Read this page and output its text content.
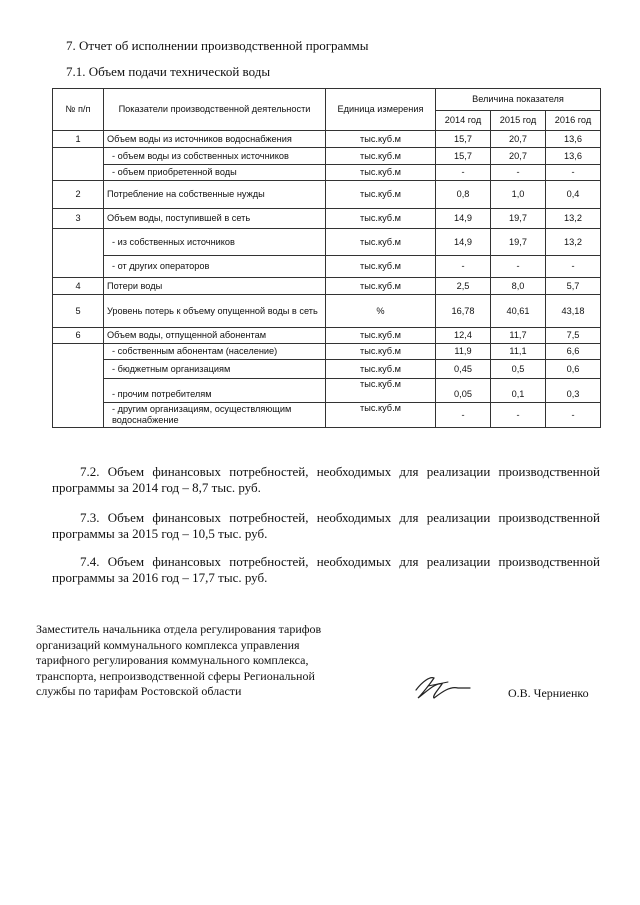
7. Отчет об исполнении производственной программы
7.1. Объем подачи технической воды
№ п/п	Показатели производственной деятельности	Единица измерения	Величина показателя		
			2014 год	2015 год	2016 год
1	Объем воды из источников водоснабжения	тыс.куб.м	15,7	20,7	13,6
	- объем воды из собственных источников	тыс.куб.м	15,7	20,7	13,6
	- объем приобретенной воды	тыс.куб.м	-	-	-
2	Потребление на собственные нужды	тыс.куб.м	0,8	1,0	0,4
3	Объем воды, поступившей в сеть	тыс.куб.м	14,9	19,7	13,2
	- из собственных источников	тыс.куб.м	14,9	19,7	13,2
	- от других операторов	тыс.куб.м	-	-	-
4	Потери воды	тыс.куб.м	2,5	8,0	5,7
5	Уровень потерь к объему опущенной воды в сеть	%	16,78	40,61	43,18
6	Объем воды, отпущенной абонентам	тыс.куб.м	12,4	11,7	7,5
	- собственным абонентам (население)	тыс.куб.м	11,9	11,1	6,6
	- бюджетным организациям	тыс.куб.м	0,45	0,5	0,6
	- прочим потребителям	тыс.куб.м	0,05	0,1	0,3
	- другим организациям, осуществляющим водоснабжение	тыс.куб.м	-	-	-
7.2. Объем финансовых потребностей, необходимых для реализации производственной программы за 2014 год – 8,7 тыс. руб.
7.3. Объем финансовых потребностей, необходимых для реализации производственной программы за 2015 год – 10,5 тыс. руб.
7.4. Объем финансовых потребностей, необходимых для реализации производственной программы за 2016 год – 17,7 тыс. руб.
Заместитель начальника отдела регулирования тарифов
организаций коммунального комплекса управления
тарифного регулирования коммунального комплекса,
транспорта, непроизводственной сферы Региональной
службы по тарифам Ростовской области	О.В. Черниенко
